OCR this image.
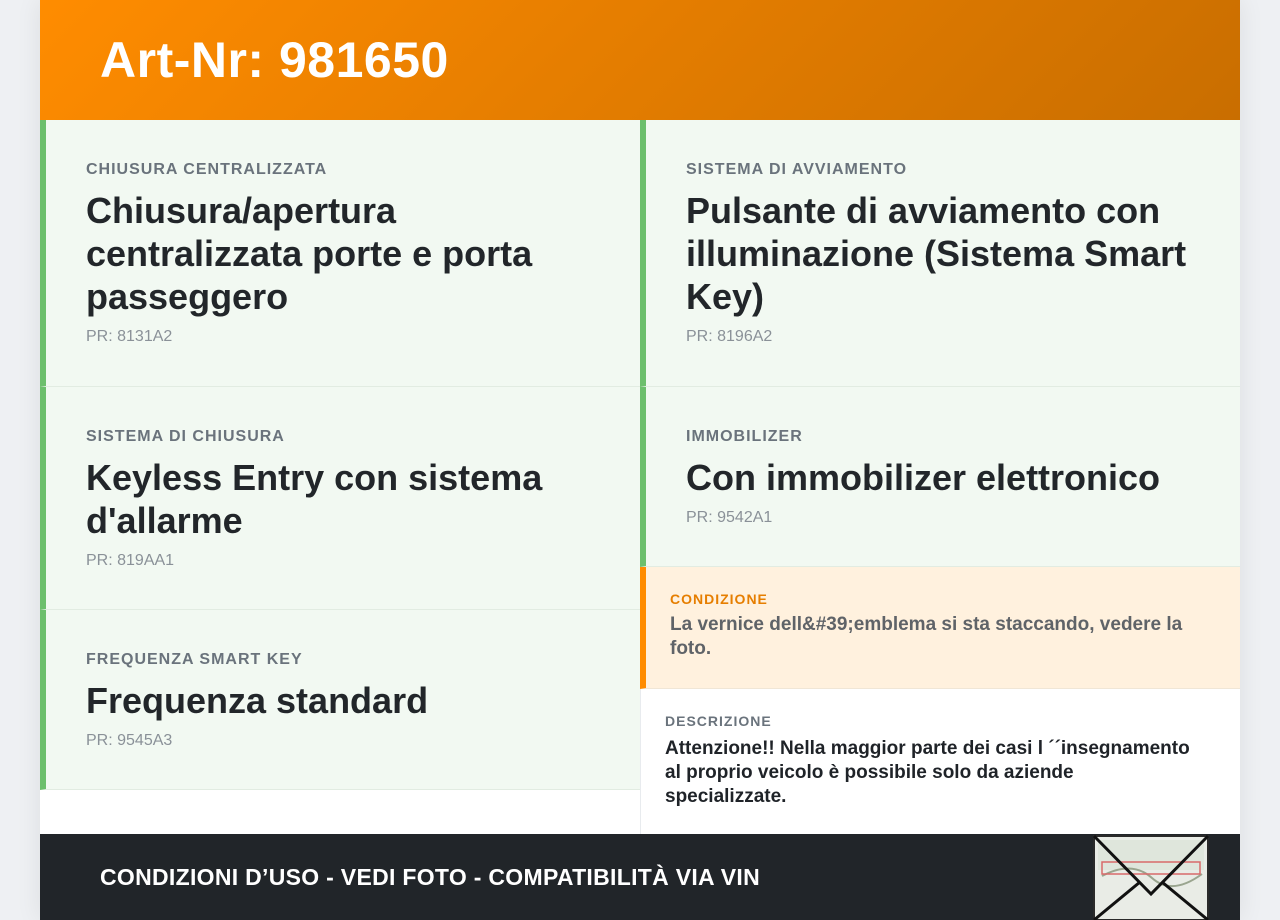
Art-Nr: 981650
CHIUSURA CENTRALIZZATA
Chiusura/apertura centralizzata porte e porta passeggero
PR: 8131A2
SISTEMA DI CHIUSURA
Keyless Entry con sistema d'allarme
PR: 819AA1
FREQUENZA SMART KEY
Frequenza standard
PR: 9545A3
SISTEMA DI AVVIAMENTO
Pulsante di avviamento con illuminazione (Sistema Smart Key)
PR: 8196A2
IMMOBILIZER
Con immobilizer elettronico
PR: 9542A1
CONDIZIONE
La vernice dell&#39;emblema si sta staccando, vedere la foto.
DESCRIZIONE
Attenzione!! Nella maggior parte dei casi l ´´insegnamento al proprio veicolo è possibile solo da aziende specializzate.
CONDIZIONI D’USO - VEDI FOTO - COMPATIBILITÀ VIA VIN
